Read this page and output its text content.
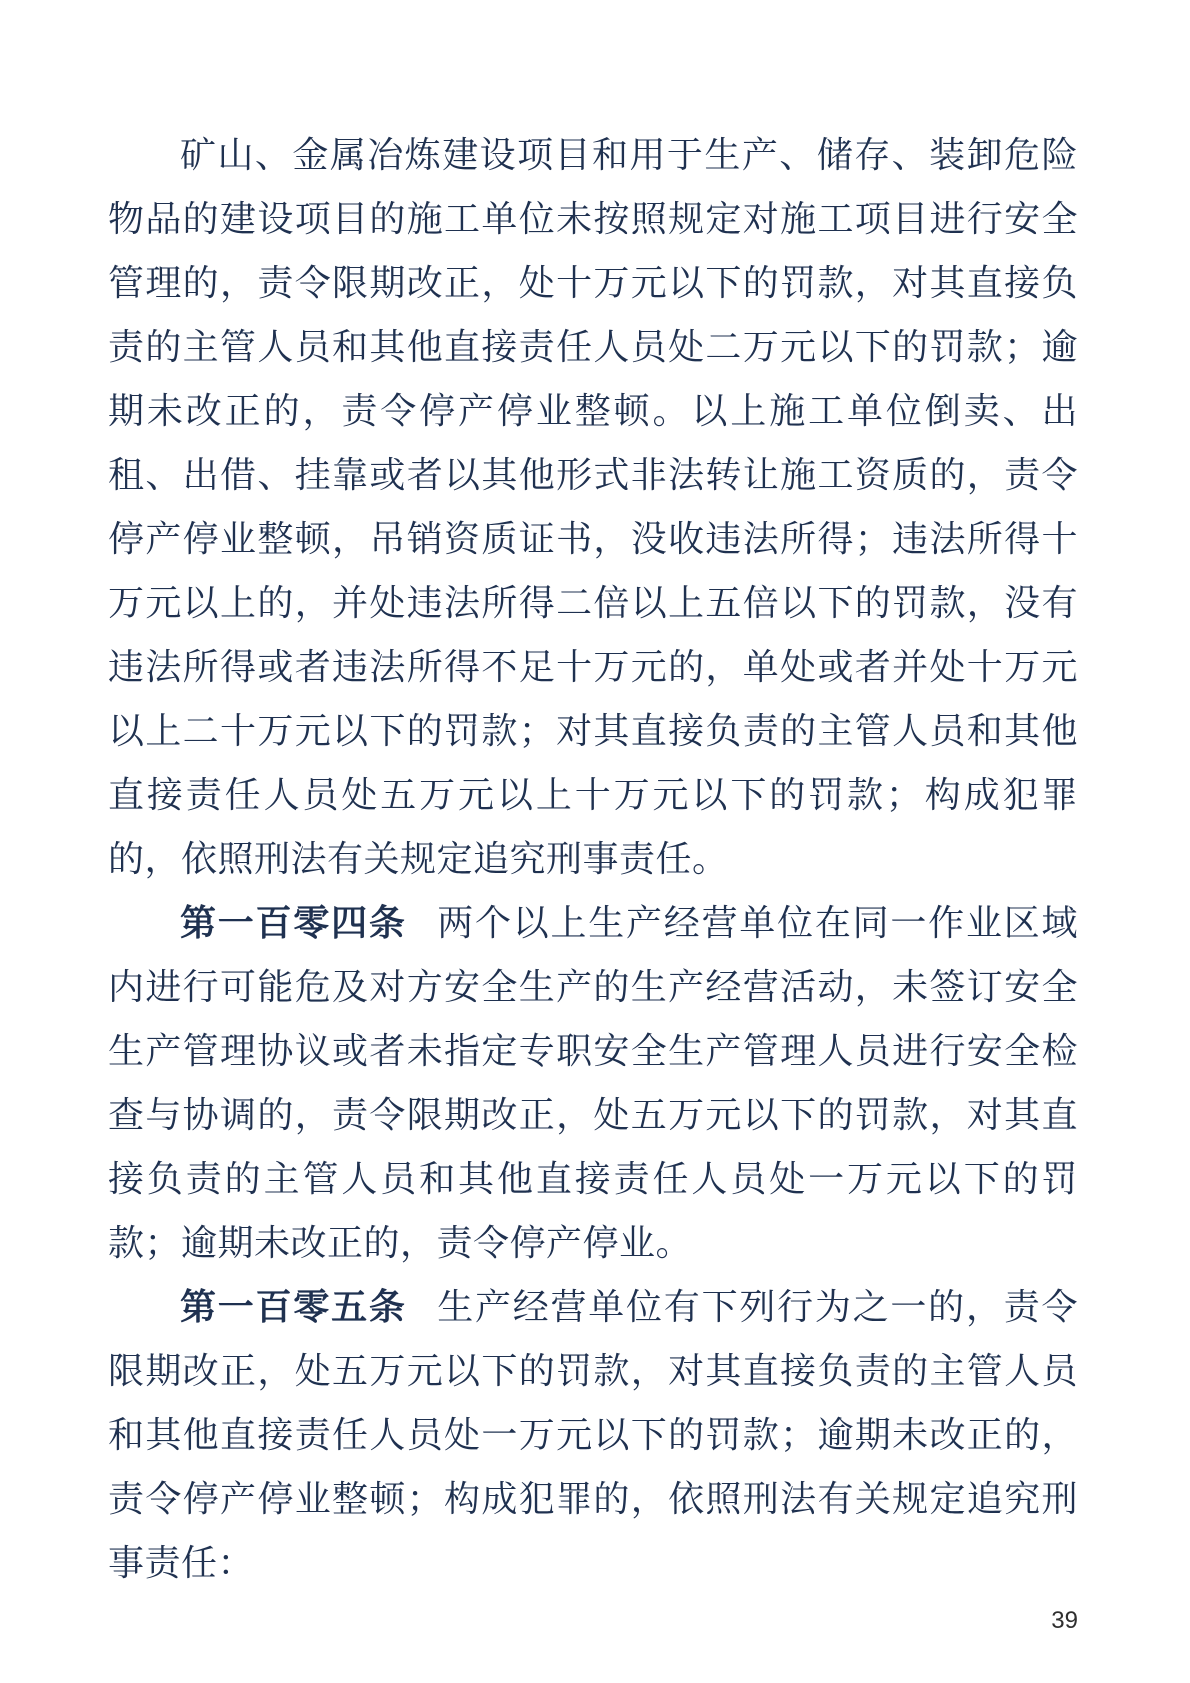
矿山、金属冶炼建设项目和用于生产、储存、装卸危险物品的建设项目的施工单位未按照规定对施工项目进行安全管理的，责令限期改正，处十万元以下的罚款，对其直接负责的主管人员和其他直接责任人员处二万元以下的罚款；逾期未改正的，责令停产停业整顿。以上施工单位倒卖、出租、出借、挂靠或者以其他形式非法转让施工资质的，责令停产停业整顿，吊销资质证书，没收违法所得；违法所得十万元以上的，并处违法所得二倍以上五倍以下的罚款，没有违法所得或者违法所得不足十万元的，单处或者并处十万元以上二十万元以下的罚款；对其直接负责的主管人员和其他直接责任人员处五万元以上十万元以下的罚款；构成犯罪的，依照刑法有关规定追究刑事责任。

第一百零四条 两个以上生产经营单位在同一作业区域内进行可能危及对方安全生产的生产经营活动，未签订安全生产管理协议或者未指定专职安全生产管理人员进行安全检查与协调的，责令限期改正，处五万元以下的罚款，对其直接负责的主管人员和其他直接责任人员处一万元以下的罚款；逾期未改正的，责令停产停业。

第一百零五条 生产经营单位有下列行为之一的，责令限期改正，处五万元以下的罚款，对其直接负责的主管人员和其他直接责任人员处一万元以下的罚款；逾期未改正的，责令停产停业整顿；构成犯罪的，依照刑法有关规定追究刑事责任：

39
